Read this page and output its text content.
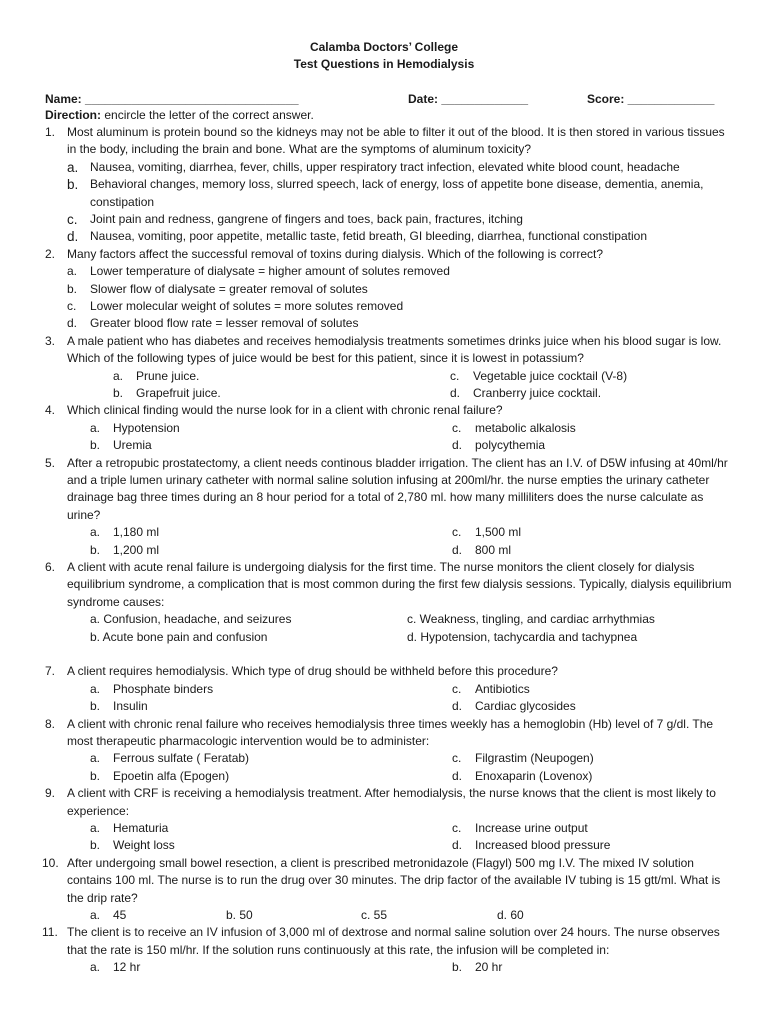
Calamba Doctors’ College
Test Questions in Hemodialysis
Name: ________________________________	Date: _____________	Score: _____________
Direction: encircle the letter of the correct answer.
1. Most aluminum is protein bound so the kidneys may not be able to filter it out of the blood. It is then stored in various tissues in the body, including the brain and bone. What are the symptoms of aluminum toxicity?
a. Nausea, vomiting, diarrhea, fever, chills, upper respiratory tract infection, elevated white blood count, headache
b. Behavioral changes, memory loss, slurred speech, lack of energy, loss of appetite bone disease, dementia, anemia, constipation
c. Joint pain and redness, gangrene of fingers and toes, back pain, fractures, itching
d. Nausea, vomiting, poor appetite, metallic taste, fetid breath, GI bleeding, diarrhea, functional constipation
2. Many factors affect the successful removal of toxins during dialysis. Which of the following is correct?
a. Lower temperature of dialysate = higher amount of solutes removed
b. Slower flow of dialysate = greater removal of solutes
c. Lower molecular weight of solutes = more solutes removed
d. Greater blood flow rate = lesser removal of solutes
3. A male patient who has diabetes and receives hemodialysis treatments sometimes drinks juice when his blood sugar is low. Which of the following types of juice would be best for this patient, since it is lowest in potassium?
a. Prune juice.	c. Vegetable juice cocktail (V-8)
b. Grapefruit juice.	d. Cranberry juice cocktail.
4. Which clinical finding would the nurse look for in a client with chronic renal failure?
a. Hypotension	c. metabolic alkalosis
b. Uremia	d. polycythemia
5. After a retropubic prostatectomy, a client needs continous bladder irrigation. The client has an I.V. of D5W infusing at 40ml/hr and a triple lumen urinary catheter with normal saline solution infusing at 200ml/hr. the nurse empties the urinary catheter drainage bag three times during an 8 hour period for a total of 2,780 ml. how many milliliters does the nurse calculate as urine?
a. 1,180 ml	c. 1,500 ml
b. 1,200 ml	d. 800 ml
6. A client with acute renal failure is undergoing dialysis for the first time. The nurse monitors the client closely for dialysis equilibrium syndrome, a complication that is most common during the first few dialysis sessions. Typically, dialysis equilibrium syndrome causes:
a. Confusion, headache, and seizures	c. Weakness, tingling, and cardiac arrhythmias
b. Acute bone pain and confusion	d. Hypotension, tachycardia and tachypnea
7. A client requires hemodialysis. Which type of drug should be withheld before this procedure?
a. Phosphate binders	c. Antibiotics
b. Insulin	d. Cardiac glycosides
8. A client with chronic renal failure who receives hemodialysis three times weekly has a hemoglobin (Hb) level of 7 g/dl. The most therapeutic pharmacologic intervention would be to administer:
a. Ferrous sulfate ( Feratab)	c. Filgrastim (Neupogen)
b. Epoetin alfa (Epogen)	d. Enoxaparin (Lovenox)
9. A client with CRF is receiving a hemodialysis treatment. After hemodialysis, the nurse knows that the client is most likely to experience:
a. Hematuria	c. Increase urine output
b. Weight loss	d. Increased blood pressure
10. After undergoing small bowel resection, a client is prescribed metronidazole (Flagyl) 500 mg I.V. The mixed IV solution contains 100 ml. The nurse is to run the drug over 30 minutes. The drip factor of the available IV tubing is 15 gtt/ml. What is the drip rate?
a. 45	b. 50	c. 55	d. 60
11. The client is to receive an IV infusion of 3,000 ml of dextrose and normal saline solution over 24 hours. The nurse observes that the rate is 150 ml/hr. If the solution runs continuously at this rate, the infusion will be completed in:
a. 12 hr	b. 20 hr
